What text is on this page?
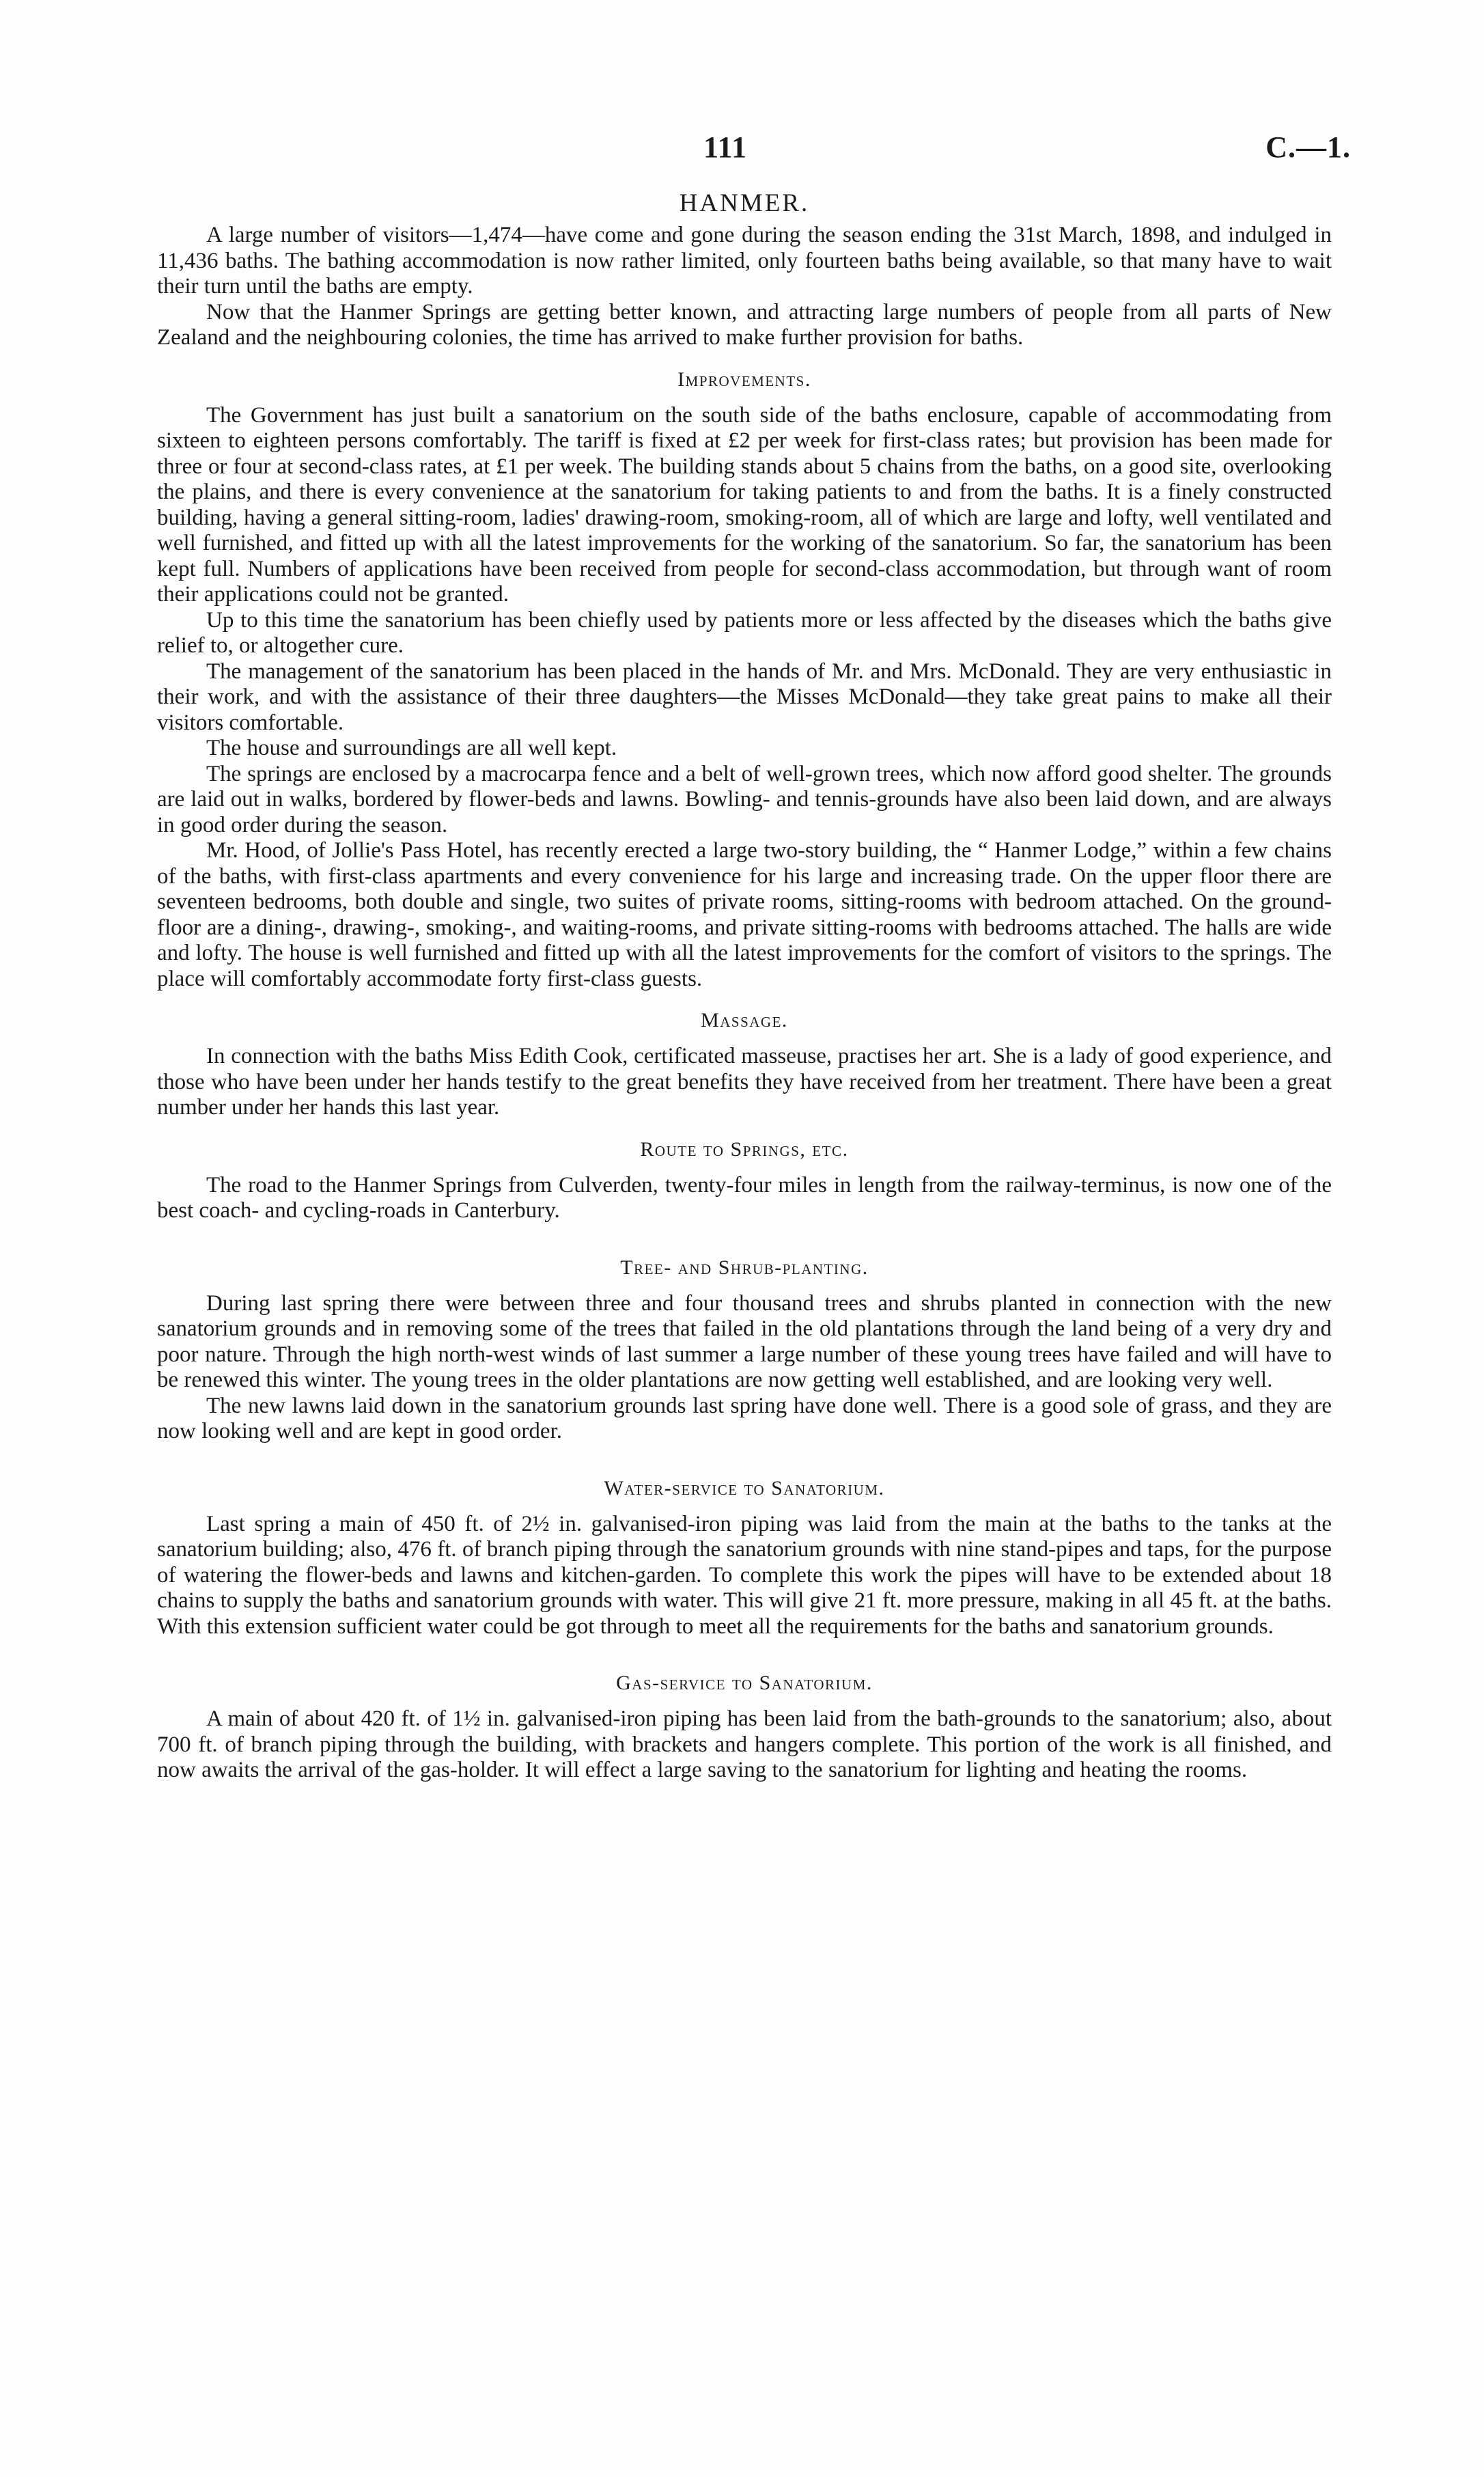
111	C.—1.
HANMER.

A large number of visitors—1,474—have come and gone during the season ending the 31st March, 1898, and indulged in 11,436 baths. The bathing accommodation is now rather limited, only fourteen baths being available, so that many have to wait their turn until the baths are empty.

Now that the Hanmer Springs are getting better known, and attracting large numbers of people from all parts of New Zealand and the neighbouring colonies, the time has arrived to make further provision for baths.

Improvements.

The Government has just built a sanatorium on the south side of the baths enclosure, capable of accommodating from sixteen to eighteen persons comfortably. The tariff is fixed at £2 per week for first-class rates; but provision has been made for three or four at second-class rates, at £1 per week. The building stands about 5 chains from the baths, on a good site, overlooking the plains, and there is every convenience at the sanatorium for taking patients to and from the baths. It is a finely constructed building, having a general sitting-room, ladies' drawing-room, smoking-room, all of which are large and lofty, well ventilated and well furnished, and fitted up with all the latest improvements for the working of the sanatorium. So far, the sanatorium has been kept full. Numbers of applications have been received from people for second-class accommodation, but through want of room their applications could not be granted.

Up to this time the sanatorium has been chiefly used by patients more or less affected by the diseases which the baths give relief to, or altogether cure.

The management of the sanatorium has been placed in the hands of Mr. and Mrs. McDonald. They are very enthusiastic in their work, and with the assistance of their three daughters—the Misses McDonald—they take great pains to make all their visitors comfortable.

The house and surroundings are all well kept.

The springs are enclosed by a macrocarpa fence and a belt of well-grown trees, which now afford good shelter. The grounds are laid out in walks, bordered by flower-beds and lawns. Bowling- and tennis-grounds have also been laid down, and are always in good order during the season.

Mr. Hood, of Jollie's Pass Hotel, has recently erected a large two-story building, the “ Hanmer Lodge,” within a few chains of the baths, with first-class apartments and every convenience for his large and increasing trade. On the upper floor there are seventeen bedrooms, both double and single, two suites of private rooms, sitting-rooms with bedroom attached. On the ground-floor are a dining-, drawing-, smoking-, and waiting-rooms, and private sitting-rooms with bedrooms attached. The halls are wide and lofty. The house is well furnished and fitted up with all the latest improvements for the comfort of visitors to the springs. The place will comfortably accommodate forty first-class guests.

Massage.

In connection with the baths Miss Edith Cook, certificated masseuse, practises her art. She is a lady of good experience, and those who have been under her hands testify to the great benefits they have received from her treatment. There have been a great number under her hands this last year.

Route to Springs, etc.

The road to the Hanmer Springs from Culverden, twenty-four miles in length from the railway-terminus, is now one of the best coach- and cycling-roads in Canterbury.

Tree- and Shrub-planting.

During last spring there were between three and four thousand trees and shrubs planted in connection with the new sanatorium grounds and in removing some of the trees that failed in the old plantations through the land being of a very dry and poor nature. Through the high north-west winds of last summer a large number of these young trees have failed and will have to be renewed this winter. The young trees in the older plantations are now getting well established, and are looking very well.

The new lawns laid down in the sanatorium grounds last spring have done well. There is a good sole of grass, and they are now looking well and are kept in good order.

Water-service to Sanatorium.

Last spring a main of 450 ft. of 2½ in. galvanised-iron piping was laid from the main at the baths to the tanks at the sanatorium building; also, 476 ft. of branch piping through the sanatorium grounds with nine stand-pipes and taps, for the purpose of watering the flower-beds and lawns and kitchen-garden. To complete this work the pipes will have to be extended about 18 chains to supply the baths and sanatorium grounds with water. This will give 21 ft. more pressure, making in all 45 ft. at the baths. With this extension sufficient water could be got through to meet all the requirements for the baths and sanatorium grounds.

Gas-service to Sanatorium.

A main of about 420 ft. of 1½ in. galvanised-iron piping has been laid from the bath-grounds to the sanatorium; also, about 700 ft. of branch piping through the building, with brackets and hangers complete. This portion of the work is all finished, and now awaits the arrival of the gas-holder. It will effect a large saving to the sanatorium for lighting and heating the rooms.
